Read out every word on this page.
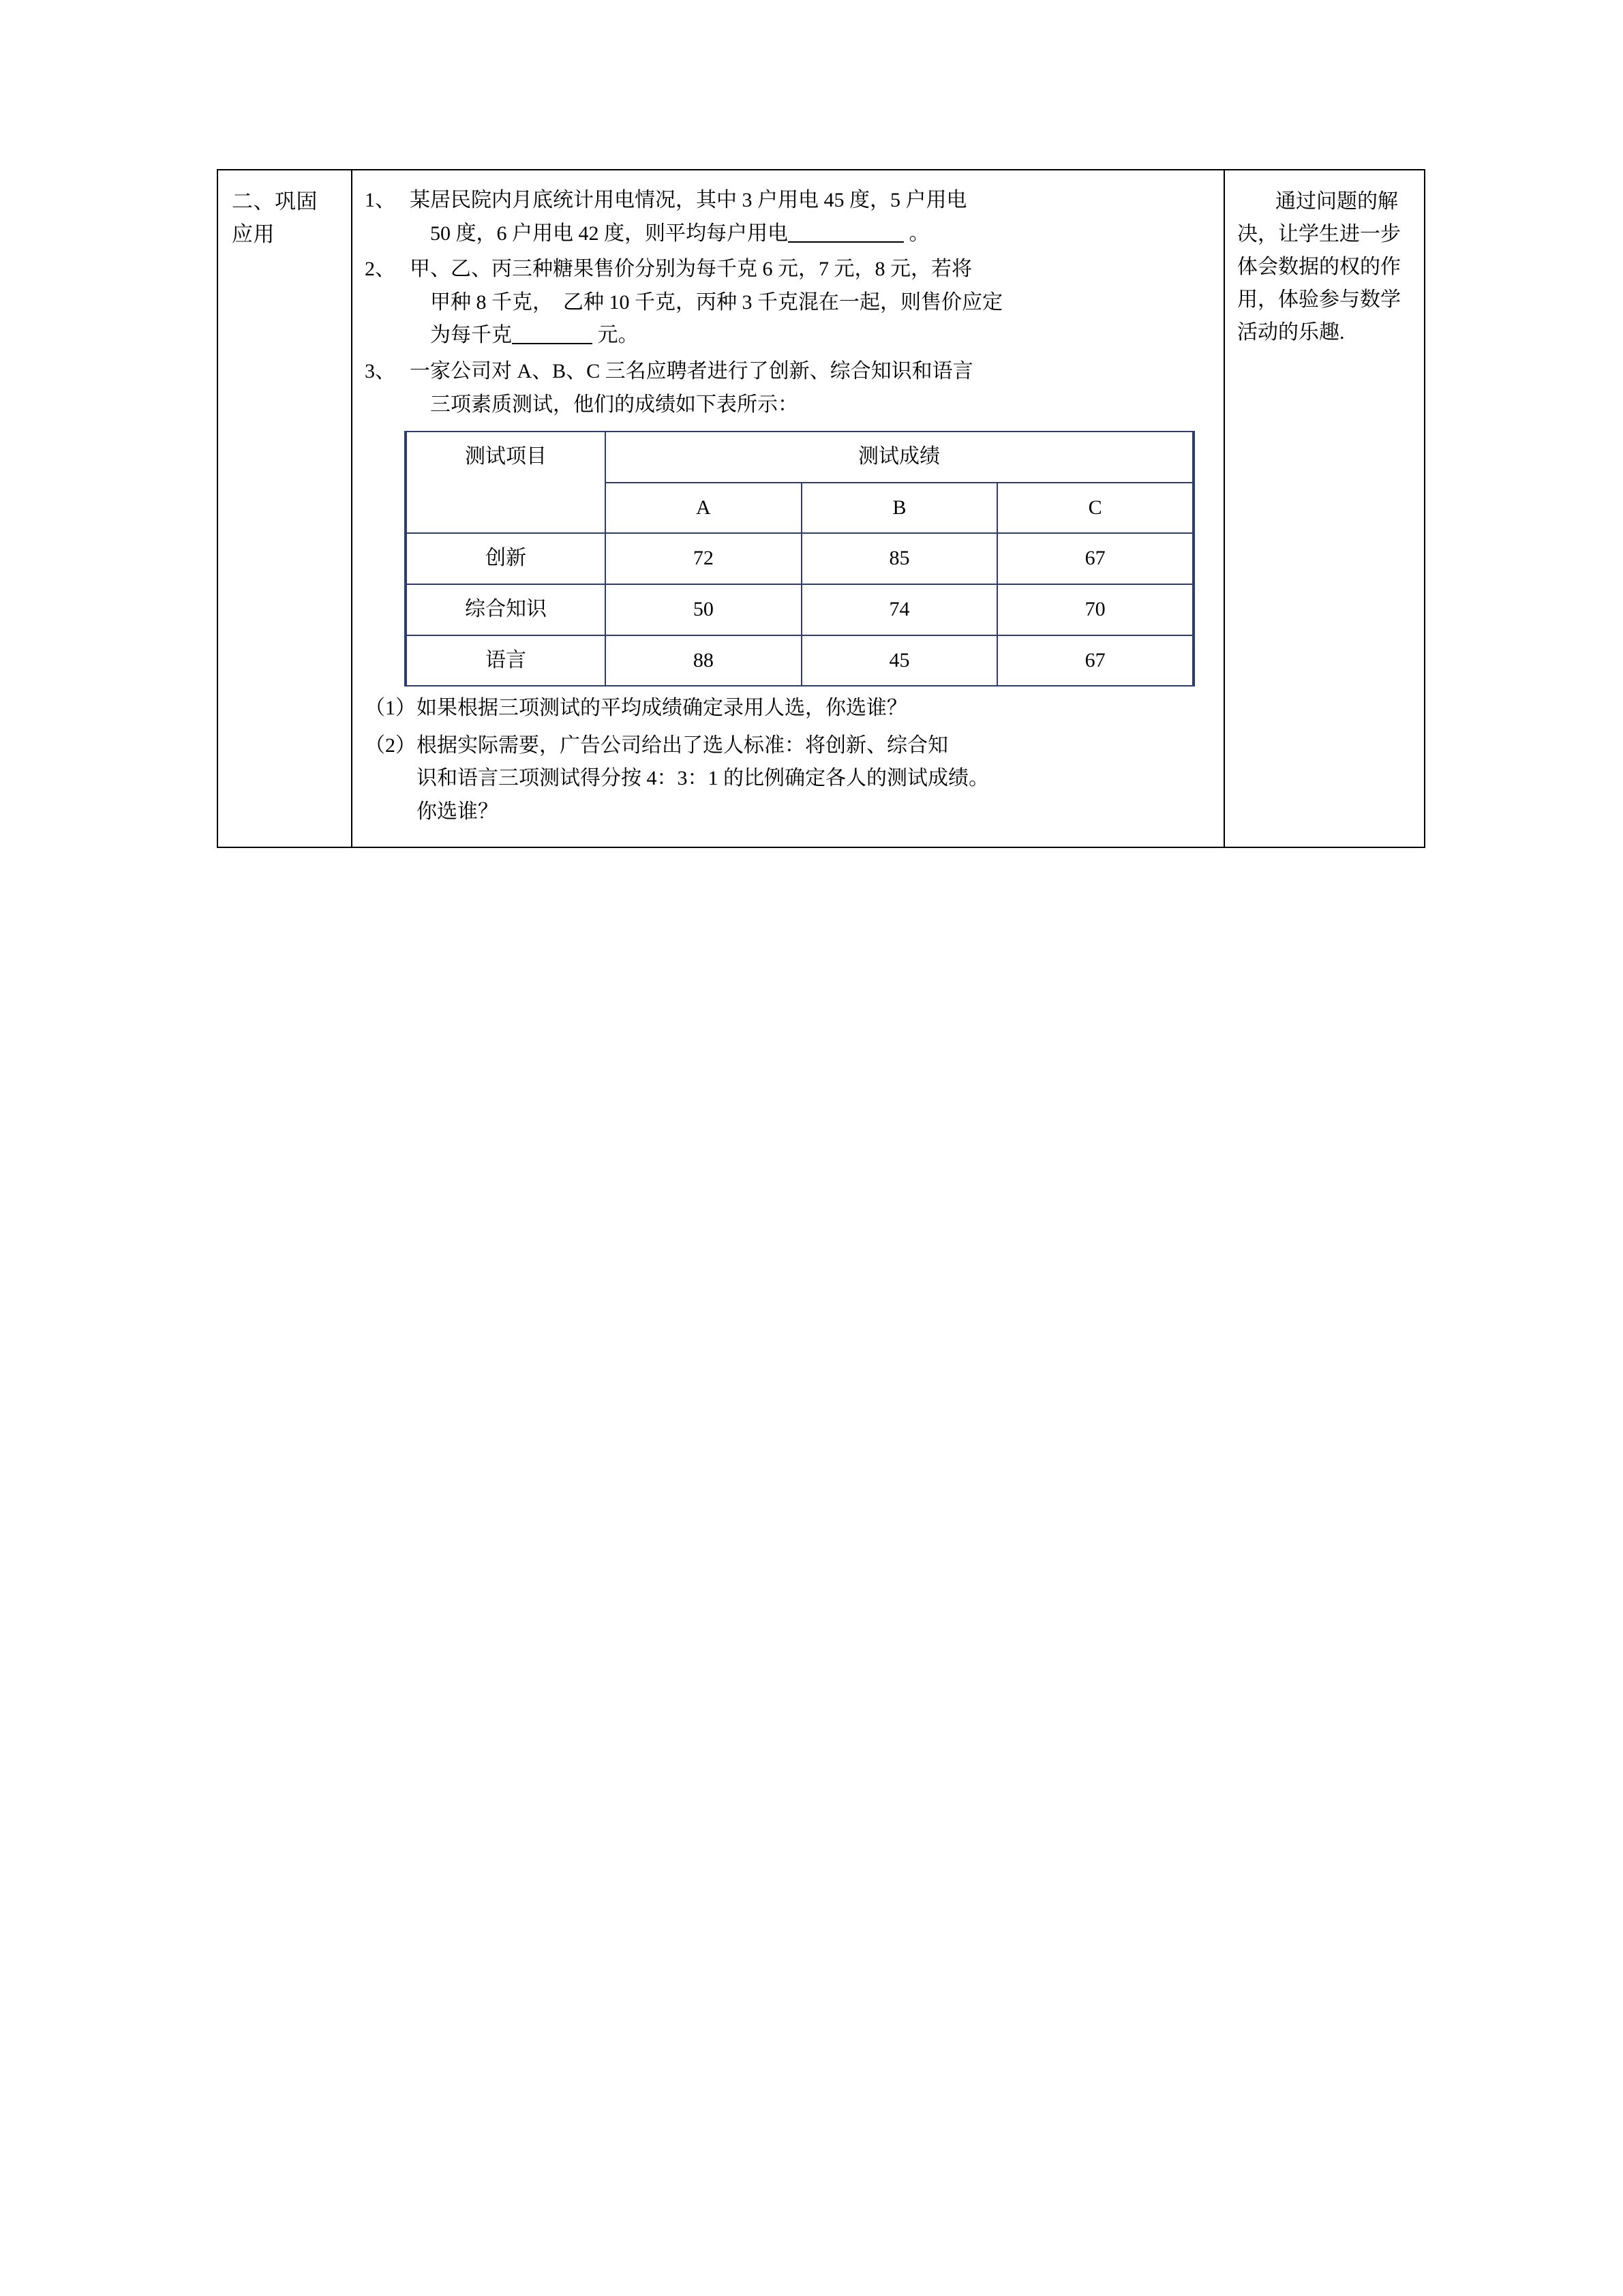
二、巩固
应用

1、 某居民院内月底统计用电情况，其中 3 户用电 45 度，5 户用电
50 度，6 户用电 42 度，则平均每户用电	。
2、 甲、乙、丙三种糖果售价分别为每千克 6 元，7 元，8 元，若将
甲种 8 千克，　乙种 10 千克，丙种 3 千克混在一起，则售价应定
为每千克	元。
3、 一家公司对 A、B、C 三名应聘者进行了创新、综合知识和语言
三项素质测试，他们的成绩如下表所示：
测试项目	测试成绩
A	B	C
创新	72	85	67
综合知识	50	74	70
语言	88	45	67
（1） 如果根据三项测试的平均成绩确定录用人选，你选谁？
（2） 根据实际需要，广告公司给出了选人标准：将创新、综合知
识和语言三项测试得分按 4：3：1 的比例确定各人的测试成绩。
你选谁？

通过问题的解决，让学生进一步体会数据的权的作用，体验参与数学活动的乐趣.
